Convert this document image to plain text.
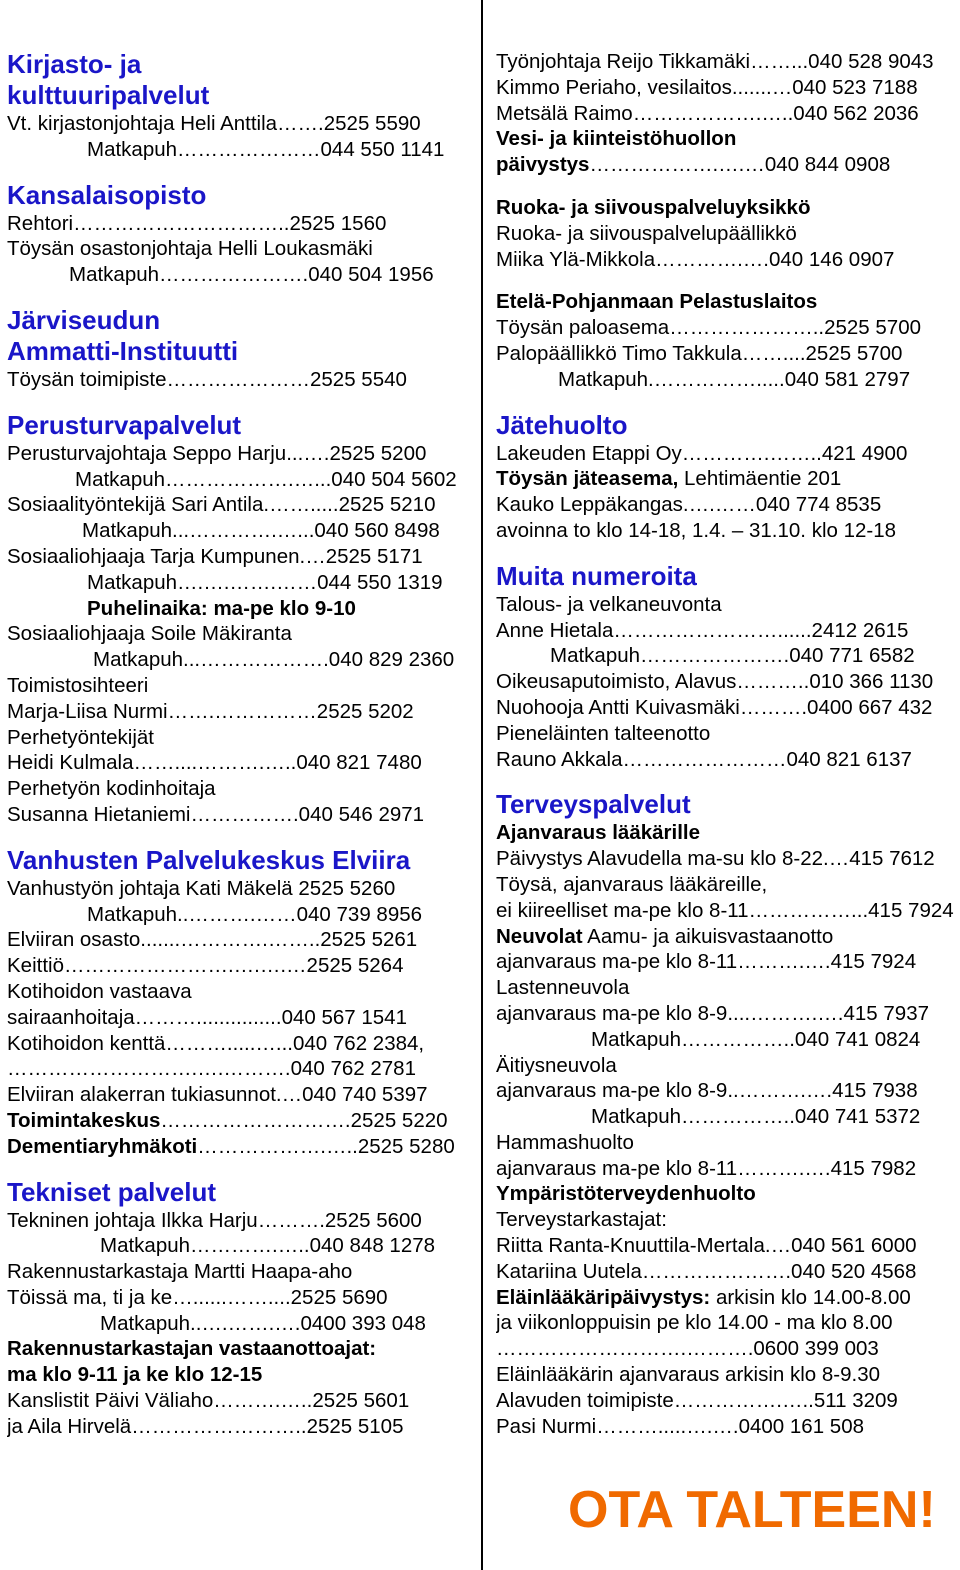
Kirjasto- ja
kulttuuripalvelut
Vt. kirjastonjohtaja Heli Anttila…….2525 5590
Matkapuh…………………044 550 1141
Kansalaisopisto
Rehtori…………………………..2525 1560
Töysän osastonjohtaja Helli Loukasmäki
Matkapuh………………….040 504 1956
Järviseudun
Ammatti-Instituutti
Töysän toimipiste…………………2525 5540
Perusturvapalvelut
Perusturvajohtaja Seppo Harju...….2525 5200
Matkapuh……………….…...040 504 5602
Sosiaalityöntekijä Sari Antila.…….....2525 5210
Matkapuh...………….…...040 560 8498
Sosiaaliohjaaja Tarja Kumpunen.…2525 5171
Matkapuh….….…….……044 550 1319
Puhelinaika: ma-pe klo 9-10
Sosiaaliohjaaja Soile Mäkiranta
Matkapuh...……………….040 829 2360
Toimistosihteeri
Marja-Liisa Nurmi…….……………2525 5202
Perhetyöntekijät
Heidi Kulmala……....……….…..040 821 7480
Perhetyön kodinhoitaja
Susanna Hietaniemi…………….040 546 2971
Vanhusten Palvelukeskus Elviira
Vanhustyön johtaja Kati Mäkelä 2525 5260
Matkapuh..……….……040 739 8956
Elviiran osasto.......………….……..2525 5261
Keittiö…………………….….….…2525 5264
Kotihoidon vastaava
sairaanhoitaja………...............040 567 1541
Kotihoidon kenttä……….....…...040 762 2384,
……………………….….……….040 762 2781
Elviiran alakerran tukiasunnot.…040 740 5397
Toimintakeskus……………………….2525 5220
Dementiaryhmäkoti……………….…..2525 5280
Tekniset palvelut
Tekninen johtaja Ilkka Harju……….2525 5600
Matkapuh………….…..040 848 1278
Rakennustarkastaja Martti Haapa-aho
Töissä ma, ti ja ke…......……....2525 5690
Matkapuh..….…….….0400 393 048
Rakennustarkastajan vastaanottoajat:
ma klo 9-11 ja ke klo 12-15
Kanslistit Päivi Väliaho……….…..2525 5601
ja Aila Hirvelä……………………..2525 5105
Työnjohtaja Reijo Tikkamäki……...040 528 9043
Kimmo Periaho, vesilaitos.......…040 523 7188
Metsälä Raimo……………….…..040 562 2036
Vesi- ja kiinteistöhuollon
päivystys……………….….…040 844 0908
Ruoka- ja siivouspalveluyksikkö
Ruoka- ja siivouspalvelupäällikkö
Miika Ylä-Mikkola………….….040 146 0907
Etelä-Pohjanmaan Pelastuslaitos
Töysän paloasema…………………..2525 5700
Palopäällikkö Timo Takkula……....2525 5700
Matkapuh.…………….....040 581 2797
Jätehuolto
Lakeuden Etappi Oy………….……..421 4900
Töysän jäteasema, Lehtimäentie 201
Kauko Leppäkangas.….……040 774 8535
avoinna to klo 14-18, 1.4. – 31.10. klo 12-18
Muita numeroita
Talous- ja velkaneuvonta
Anne Hietala……………………......2412 2615
Matkapuh………………….040 771 6582
Oikeusaputoimisto, Alavus………..010 366 1130
Nuohooja Antti Kuivasmäki……….0400 667 432
Pieneläinten talteenotto
Rauno Akkala……………………040 821 6137
Terveyspalvelut
Ajanvaraus lääkärille
Päivystys Alavudella ma-su klo 8-22.…415 7612
Töysä, ajanvaraus lääkäreille,
ei kiireelliset ma-pe klo 8-11……………...415 7924
Neuvolat Aamu- ja aikuisvastaanotto
ajanvaraus ma-pe klo 8-11……….….415 7924
Lastenneuvola
ajanvaraus ma-pe klo 8-9....……….….415 7937
Matkapuh……………..040 741 0824
Äitiysneuvola
ajanvaraus ma-pe klo 8-9..……….….415 7938
Matkapuh……………..040 741 5372
Hammashuolto
ajanvaraus ma-pe klo 8-11……….….415 7982
Ympäristöterveydenhuolto
Terveystarkastajat:
Riitta Ranta-Knuuttila-Mertala.…040 561 6000
Katariina Uutela………………….040 520 4568
Eläinlääkäripäivystys: arkisin klo 14.00-8.00
ja viikonloppuisin pe klo 14.00 - ma klo 8.00
……………………….……….0600 399 003
Eläinlääkärin ajanvaraus arkisin klo 8-9.30
Alavuden toimipiste…………….…..511 3209
Pasi Nurmi……….....….….0400 161 508
OTA TALTEEN!
